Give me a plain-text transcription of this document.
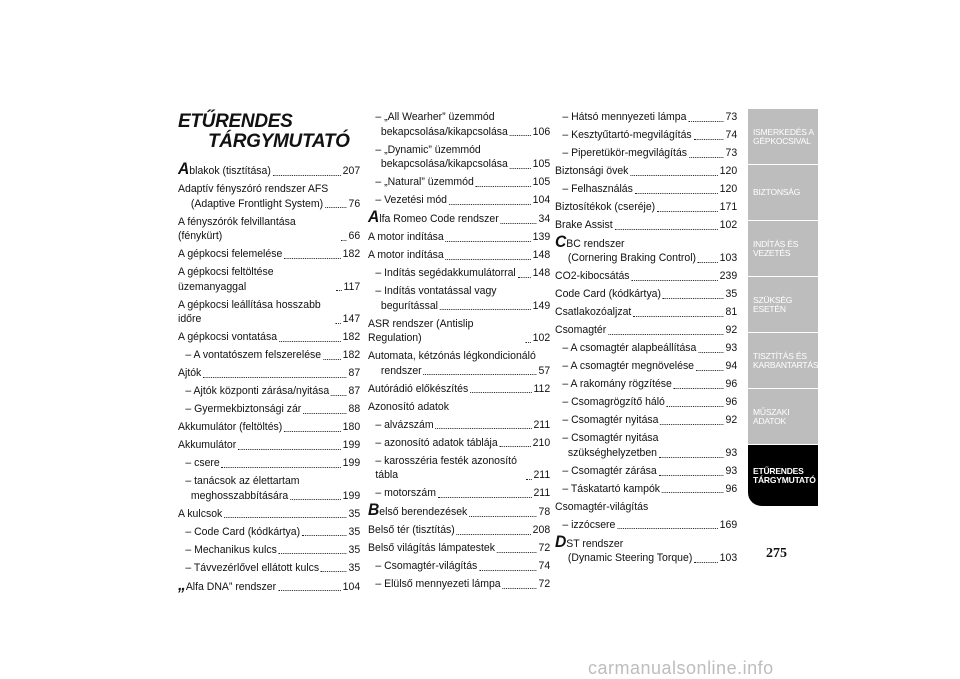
ETŰRENDES
TÁRGYMUTATÓ
Ablakok (tisztítása)	207
Adaptív fényszóró rendszer AFS
(Adaptive Frontlight System) 76
A fényszórók felvillantása (fénykürt)	66
A gépkocsi felemelése	182
A gépkocsi feltöltése üzemanyaggal	117
A gépkocsi leállítása hosszabb időre	147
A gépkocsi vontatása	182
– A vontatószem felszerelése 182
Ajtók	87
– Ajtók központi zárása/nyitása 87
– Gyermekbiztonsági zár	88
Akkumulátor (feltöltés)	180
Akkumulátor	199
– csere	199
– tanácsok az élettartam
meghosszabbítására	199
A kulcsok	35
– Code Card (kódkártya)	35
– Mechanikus kulcs	35
– Távvezérlővel ellátott kulcs	35
„Alfa DNA” rendszer	104
– „All Wearher” üzemmód
bekapcsolása/kikapcsolása 106
– „Dynamic” üzemmód
bekapcsolása/kikapcsolása 105
– „Natural” üzemmód	105
– Vezetési mód	104
Alfa Romeo Code rendszer	34
A motor indítása	139
A motor indítása	148
– Indítás segédakkumulátorral 148
– Indítás vontatással vagy
begurítással	149
ASR rendszer (Antislip Regulation)	102
Automata, kétzónás légkondicionáló
rendszer	57
Autórádió előkészítés	112
Azonosító adatok
– alvázszám	211
– azonosító adatok táblája	210
– karosszéria festék azonosító tábla	211
– motorszám	211
Belső berendezések	78
Belső tér (tisztítás)	208
Belső világítás lámpatestek	72
– Csomagtér-világítás	74
– Elülső mennyezeti lámpa	72
– Hátsó mennyezeti lámpa	73
– Kesztyűtartó-megvilágítás	74
– Piperetükör-megvilágítás	73
Biztonsági övek	120
– Felhasználás	120
Biztosítékok (cseréje)	171
Brake Assist	102
CBC rendszer
(Cornering Braking Control) 103
CO2-kibocsátás	239
Code Card (kódkártya)	35
Csatlakozóaljzat	81
Csomagtér	92
– A csomagtér alapbeállítása	93
– A csomagtér megnövelése	94
– A rakomány rögzítése	96
– Csomagrögzítő háló	96
– Csomagtér nyitása	92
– Csomagtér nyitása
szükséghelyzetben	93
– Csomagtér zárása	93
– Táskatartó kampók	96
Csomagtér-világítás
– izzócsere	169
DST rendszer
(Dynamic Steering Torque) 103
ISMERKEDÉS A GÉPKOCSIVAL
BIZTONSÁG
INDÍTÁS ÉS VEZETÉS
SZÜKSÉG ESETÉN
TISZTÍTÁS ÉS KARBANTARTÁS
MŰSZAKI ADATOK
ETŰRENDES TÁRGYMUTATÓ
275
carmanualsonline.info
